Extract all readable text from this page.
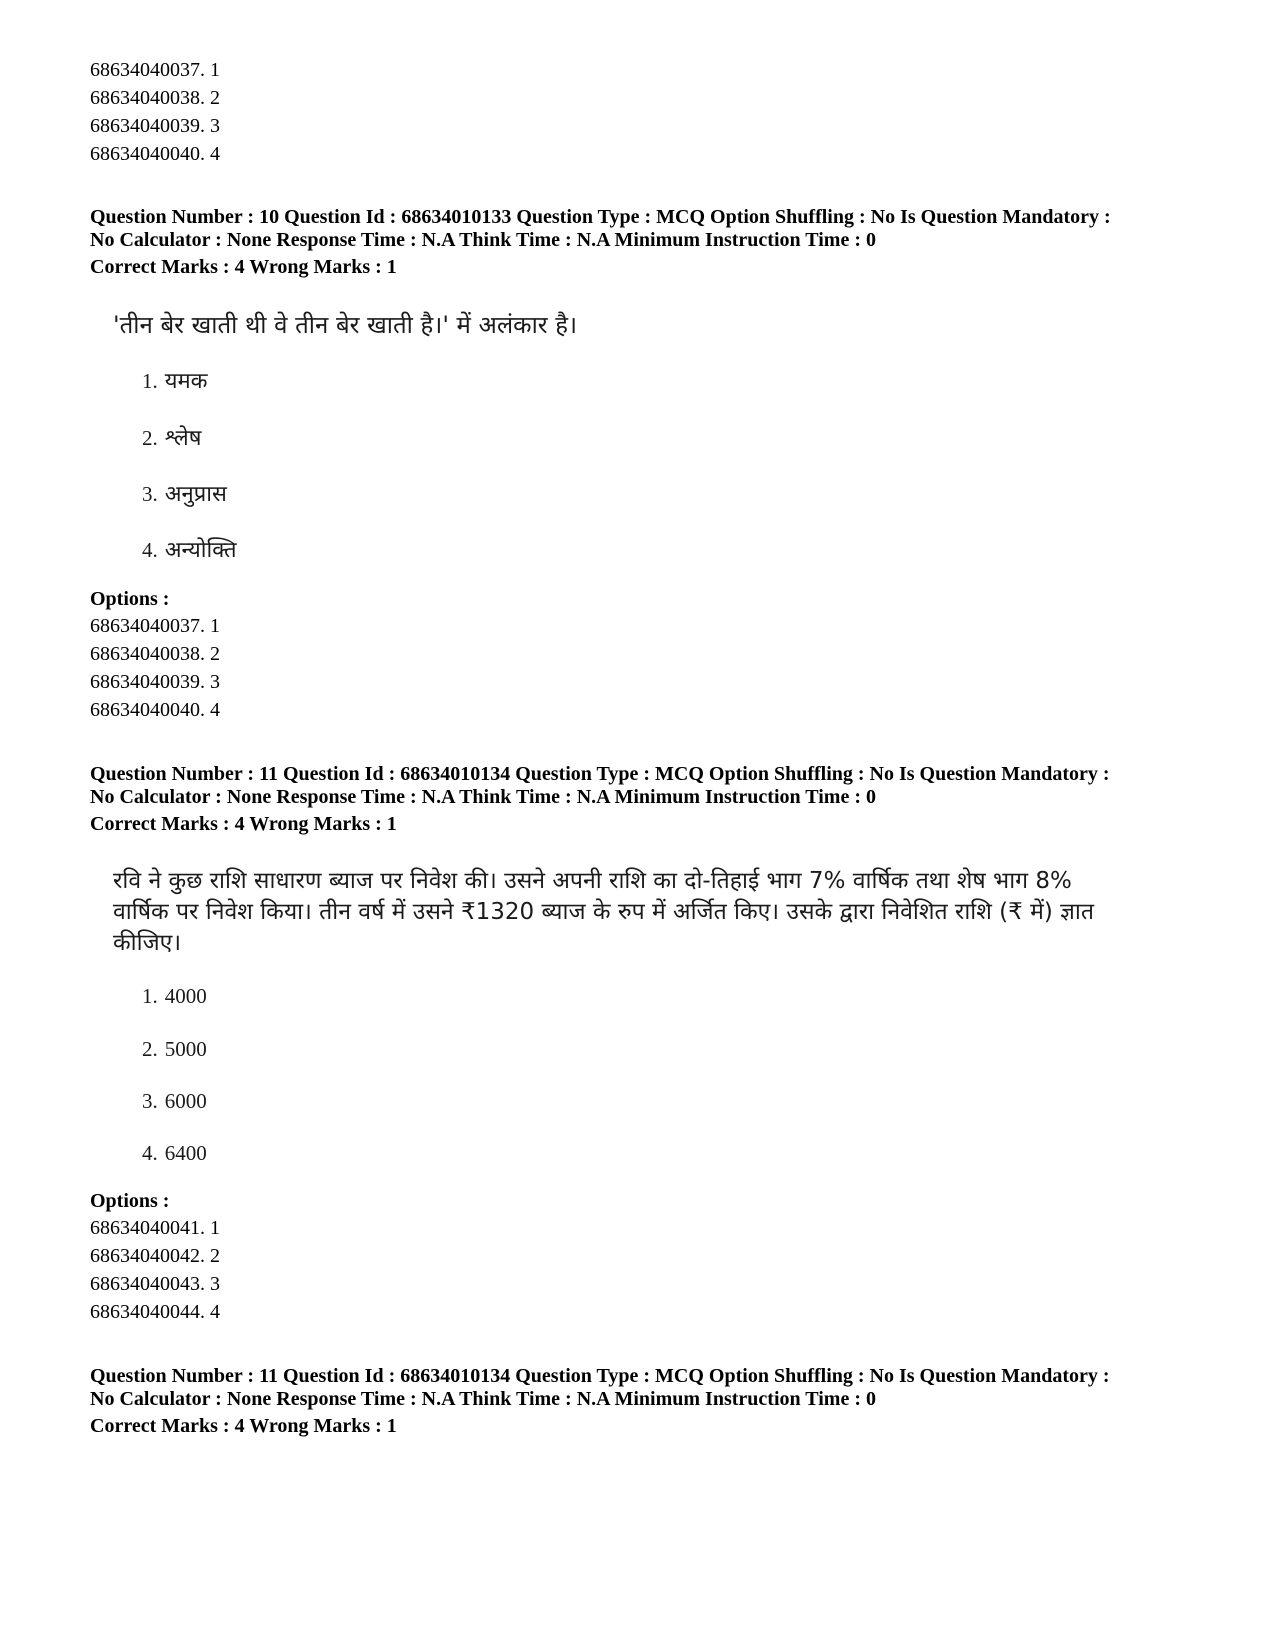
68634040037. 1
68634040038. 2
68634040039. 3
68634040040. 4
Question Number : 10 Question Id : 68634010133 Question Type : MCQ Option Shuffling : No Is Question Mandatory :
No Calculator : None Response Time : N.A Think Time : N.A Minimum Instruction Time : 0
Correct Marks : 4 Wrong Marks : 1
'तीन बेर खाती थी वे तीन बेर खाती है।' में अलंकार है।
1. यमक
2. श्लेष
3. अनुप्रास
4. अन्योक्ति
Options :
68634040037. 1
68634040038. 2
68634040039. 3
68634040040. 4
Question Number : 11 Question Id : 68634010134 Question Type : MCQ Option Shuffling : No Is Question Mandatory :
No Calculator : None Response Time : N.A Think Time : N.A Minimum Instruction Time : 0
Correct Marks : 4 Wrong Marks : 1
रवि ने कुछ राशि साधारण ब्याज पर निवेश की। उसने अपनी राशि का दो-तिहाई भाग 7% वार्षिक तथा शेष भाग 8%
वार्षिक पर निवेश किया। तीन वर्ष में उसने ₹1320 ब्याज के रुप में अर्जित किए। उसके द्वारा निवेशित राशि (₹ में) ज्ञात
कीजिए।
1. 4000
2. 5000
3. 6000
4. 6400
Options :
68634040041. 1
68634040042. 2
68634040043. 3
68634040044. 4
Question Number : 11 Question Id : 68634010134 Question Type : MCQ Option Shuffling : No Is Question Mandatory :
No Calculator : None Response Time : N.A Think Time : N.A Minimum Instruction Time : 0
Correct Marks : 4 Wrong Marks : 1
